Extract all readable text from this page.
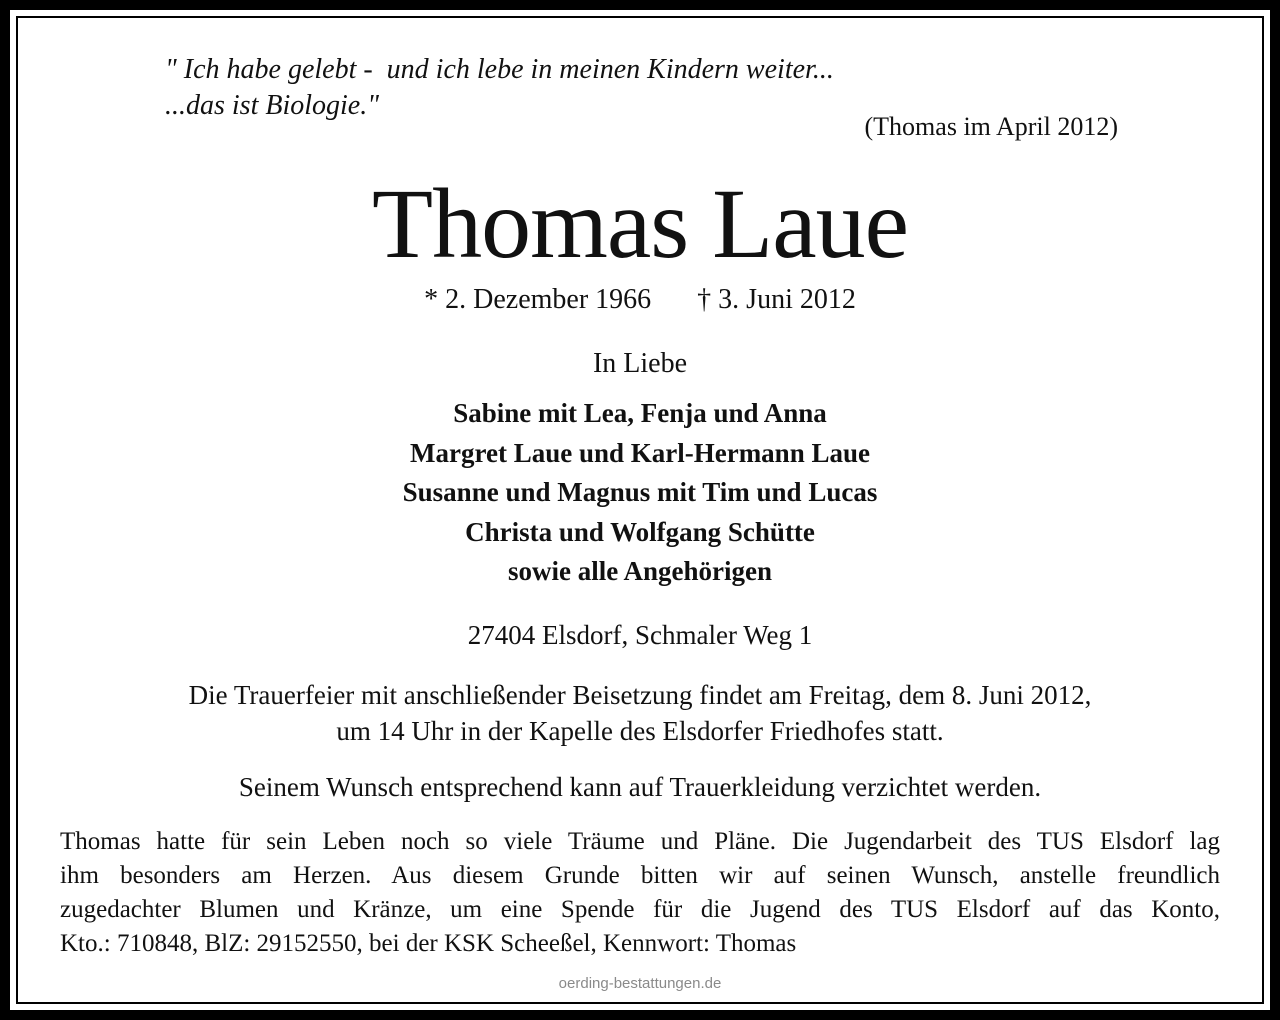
" Ich habe gelebt -  und ich lebe in meinen Kindern weiter...
...das ist Biologie."

(Thomas im April 2012)

Thomas Laue
* 2. Dezember 1966 † 3. Juni 2012
In Liebe
Sabine mit Lea, Fenja und Anna
Margret Laue und Karl-Hermann Laue
Susanne und Magnus mit Tim und Lucas
Christa und Wolfgang Schütte
sowie alle Angehörigen
27404 Elsdorf, Schmaler Weg 1
Die Trauerfeier mit anschließender Beisetzung findet am Freitag, dem 8. Juni 2012,
um 14 Uhr in der Kapelle des Elsdorfer Friedhofes statt.
Seinem Wunsch entsprechend kann auf Trauerkleidung verzichtet werden.

Thomas hatte für sein Leben noch so viele Träume und Pläne. Die Jugendarbeit des TUS Elsdorf lag
ihm besonders am Herzen. Aus diesem Grunde bitten wir auf seinen Wunsch, anstelle freundlich
zugedachter Blumen und Kränze, um eine Spende für die Jugend des TUS Elsdorf auf das Konto,
Kto.: 710848, BlZ: 29152550, bei der KSK Scheeßel, Kennwort: Thomas

oerding-bestattungen.de
